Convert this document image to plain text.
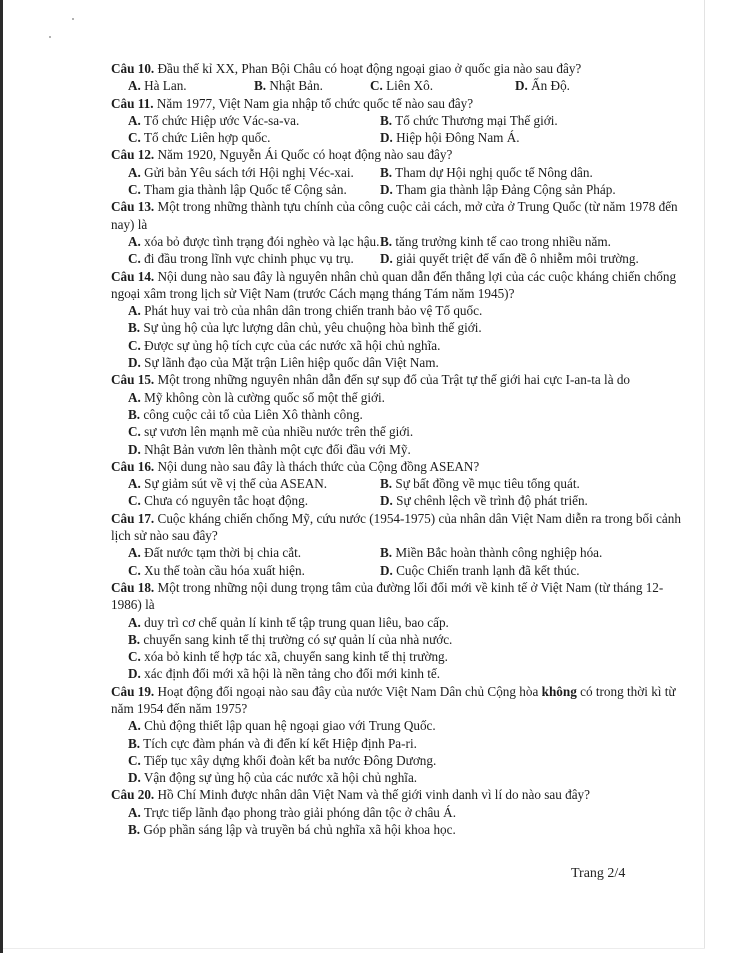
Câu 10. Đầu thế kỉ XX, Phan Bội Châu có hoạt động ngoại giao ở quốc gia nào sau đây?
A. Hà Lan.	B. Nhật Bản.	C. Liên Xô.	D. Ấn Độ.
Câu 11. Năm 1977, Việt Nam gia nhập tổ chức quốc tế nào sau đây?
A. Tổ chức Hiệp ước Vác-sa-va.	B. Tổ chức Thương mại Thế giới.
C. Tổ chức Liên hợp quốc.	D. Hiệp hội Đông Nam Á.
Câu 12. Năm 1920, Nguyễn Ái Quốc có hoạt động nào sau đây?
A. Gửi bản Yêu sách tới Hội nghị Véc-xai.	B. Tham dự Hội nghị quốc tế Nông dân.
C. Tham gia thành lập Quốc tế Cộng sản.	D. Tham gia thành lập Đảng Cộng sản Pháp.
Câu 13. Một trong những thành tựu chính của công cuộc cải cách, mở cửa ở Trung Quốc (từ năm 1978 đến nay) là
A. xóa bỏ được tình trạng đói nghèo và lạc hậu. B. tăng trưởng kinh tế cao trong nhiều năm.
C. đi đầu trong lĩnh vực chinh phục vụ trụ.	D. giải quyết triệt để vấn đề ô nhiễm môi trường.
Câu 14. Nội dung nào sau đây là nguyên nhân chủ quan dẫn đến thắng lợi của các cuộc kháng chiến chống ngoại xâm trong lịch sử Việt Nam (trước Cách mạng tháng Tám năm 1945)?
A. Phát huy vai trò của nhân dân trong chiến tranh bảo vệ Tổ quốc.
B. Sự ủng hộ của lực lượng dân chủ, yêu chuộng hòa bình thế giới.
C. Được sự ủng hộ tích cực của các nước xã hội chủ nghĩa.
D. Sự lãnh đạo của Mặt trận Liên hiệp quốc dân Việt Nam.
Câu 15. Một trong những nguyên nhân dẫn đến sự sụp đổ của Trật tự thế giới hai cực I-an-ta là do
A. Mỹ không còn là cường quốc số một thế giới.
B. công cuộc cải tổ của Liên Xô thành công.
C. sự vươn lên mạnh mẽ của nhiều nước trên thế giới.
D. Nhật Bản vươn lên thành một cực đối đầu với Mỹ.
Câu 16. Nội dung nào sau đây là thách thức của Cộng đồng ASEAN?
A. Sự giảm sút về vị thế của ASEAN.	B. Sự bất đồng về mục tiêu tổng quát.
C. Chưa có nguyên tắc hoạt động.	D. Sự chênh lệch về trình độ phát triển.
Câu 17. Cuộc kháng chiến chống Mỹ, cứu nước (1954-1975) của nhân dân Việt Nam diễn ra trong bối cảnh lịch sử nào sau đây?
A. Đất nước tạm thời bị chia cắt.	B. Miền Bắc hoàn thành công nghiệp hóa.
C. Xu thế toàn cầu hóa xuất hiện.	D. Cuộc Chiến tranh lạnh đã kết thúc.
Câu 18. Một trong những nội dung trọng tâm của đường lối đổi mới về kinh tế ở Việt Nam (từ tháng 12-1986) là
A. duy trì cơ chế quản lí kinh tế tập trung quan liêu, bao cấp.
B. chuyển sang kinh tế thị trường có sự quản lí của nhà nước.
C. xóa bỏ kinh tế hợp tác xã, chuyển sang kinh tế thị trường.
D. xác định đổi mới xã hội là nền tảng cho đổi mới kinh tế.
Câu 19. Hoạt động đối ngoại nào sau đây của nước Việt Nam Dân chủ Cộng hòa không có trong thời kì từ năm 1954 đến năm 1975?
A. Chủ động thiết lập quan hệ ngoại giao với Trung Quốc.
B. Tích cực đàm phán và đi đến kí kết Hiệp định Pa-ri.
C. Tiếp tục xây dựng khối đoàn kết ba nước Đông Dương.
D. Vận động sự ủng hộ của các nước xã hội chủ nghĩa.
Câu 20. Hồ Chí Minh được nhân dân Việt Nam và thế giới vinh danh vì lí do nào sau đây?
A. Trực tiếp lãnh đạo phong trào giải phóng dân tộc ở châu Á.
B. Góp phần sáng lập và truyền bá chủ nghĩa xã hội khoa học.
Trang 2/4
